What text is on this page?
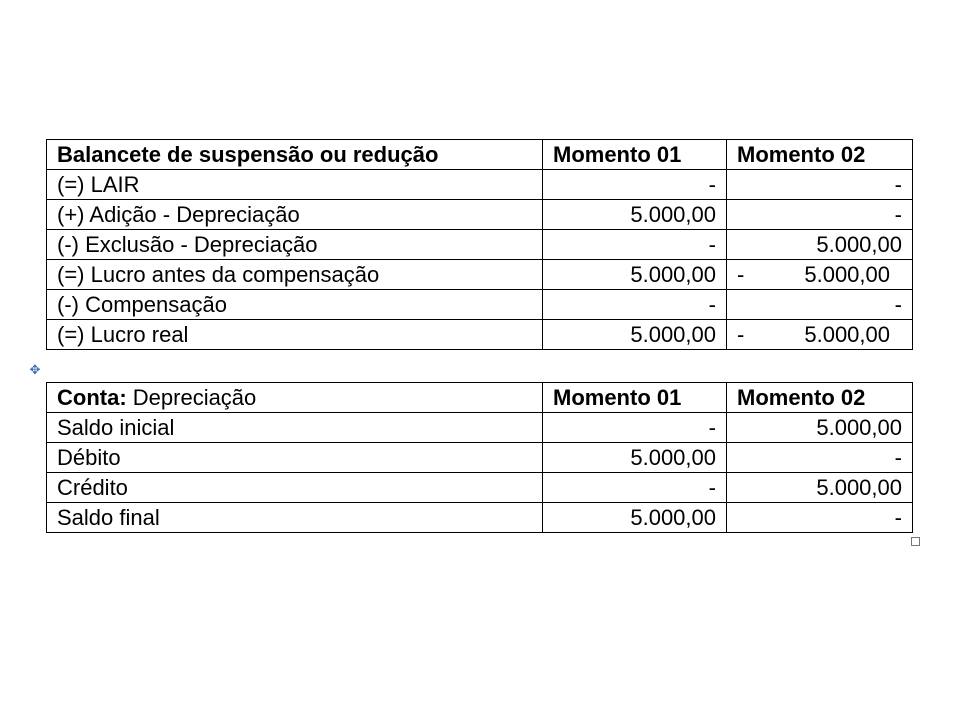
Balancete de suspensão ou redução	Momento 01	Momento 02
(=) LAIR	-	-
(+) Adição - Depreciação	5.000,00	-
(-) Exclusão - Depreciação	-	5.000,00
(=) Lucro antes da compensação	5.000,00	- 5.000,00

(-) Compensação	-	-
(=) Lucro real	5.000,00	- 5.000,00
✥
Conta: Depreciação	Momento 01	Momento 02
Saldo inicial	-	5.000,00
Débito	5.000,00	-
Crédito	-	5.000,00
Saldo final	5.000,00	-
